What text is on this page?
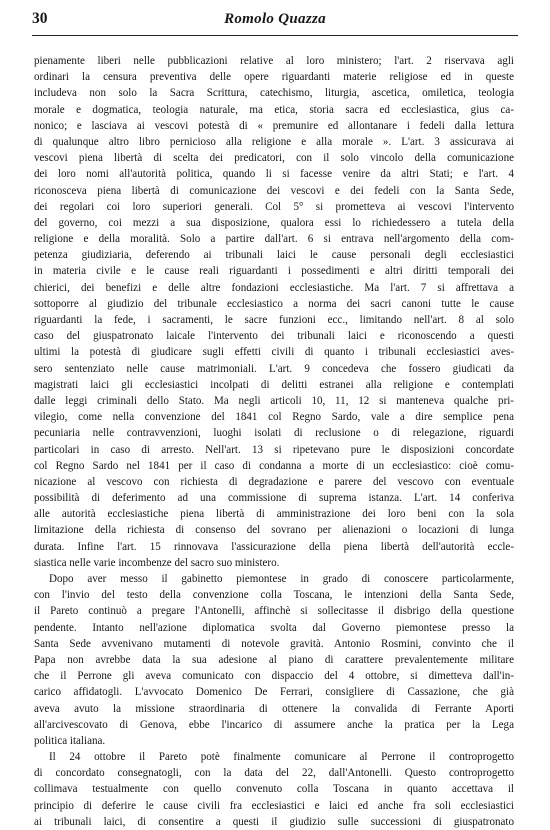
30	Romolo Quazza
pienamente liberi nelle pubblicazioni relative al loro ministero; l'art. 2 riservava agli
ordinari la censura preventiva delle opere riguardanti materie religiose ed in queste
includeva non solo la Sacra Scrittura, catechismo, liturgia, ascetica, omiletica, teologia
morale e dogmatica, teologia naturale, ma etica, storia sacra ed ecclesiastica, gius ca-
nonico; e lasciava ai vescovi potestà di « premunire ed allontanare i fedeli dalla lettura
di qualunque altro libro pernicioso alla religione e alla morale ». L'art. 3 assicurava ai
vescovi piena libertà di scelta dei predicatori, con il solo vincolo della comunicazione
dei loro nomi all'autorità politica, quando li si facesse venire da altri Stati; e l'art. 4
riconosceva piena libertà di comunicazione dei vescovi e dei fedeli con la Santa Sede,
dei regolari coi loro superiori generali. Col 5° si prometteva ai vescovi l'intervento
del governo, coi mezzi a sua disposizione, qualora essi lo richiedessero a tutela della
religione e della moralità. Solo a partire dall'art. 6 si entrava nell'argomento della com-
petenza giudiziaria, deferendo ai tribunali laici le cause personali degli ecclesiastici
in materia civile e le cause reali riguardanti i possedimenti e altri diritti temporali dei
chierici, dei benefizi e delle altre fondazioni ecclesiastiche. Ma l'art. 7 si affrettava a
sottoporre al giudizio del tribunale ecclesiastico a norma dei sacri canoni tutte le cause
riguardanti la fede, i sacramenti, le sacre funzioni ecc., limitando nell'art. 8 al solo
caso del giuspatronato laicale l'intervento dei tribunali laici e riconoscendo a questi
ultimi la potestà di giudicare sugli effetti civili di quanto i tribunali ecclesiastici aves-
sero sentenziato nelle cause matrimoniali. L'art. 9 concedeva che fossero giudicati da
magistrati laici gli ecclesiastici incolpati di delitti estranei alla religione e contemplati
dalle leggi criminali dello Stato. Ma negli articoli 10, 11, 12 si manteneva qualche pri-
vilegio, come nella convenzione del 1841 col Regno Sardo, vale a dire semplice pena
pecuniaria nelle contravvenzioni, luoghi isolati di reclusione o di relegazione, riguardi
particolari in caso di arresto. Nell'art. 13 si ripetevano pure le disposizioni concordate
col Regno Sardo nel 1841 per il caso di condanna a morte di un ecclesiastico: cioè comu-
nicazione al vescovo con richiesta di degradazione e parere del vescovo con eventuale
possibilità di deferimento ad una commissione di suprema istanza. L'art. 14 conferiva
alle autorità ecclesiastiche piena libertà di amministrazione dei loro beni con la sola
limitazione della richiesta di consenso del sovrano per alienazioni o locazioni di lunga
durata. Infine l'art. 15 rinnovava l'assicurazione della piena libertà dell'autorità eccle-
siastica nelle varie incombenze del sacro suo ministero.
Dopo aver messo il gabinetto piemontese in grado di conoscere particolarmente,
con l'invio del testo della convenzione colla Toscana, le intenzioni della Santa Sede,
il Pareto continuò a pregare l'Antonelli, affinchè si sollecitasse il disbrigo della questione
pendente. Intanto nell'azione diplomatica svolta dal Governo piemontese presso la
Santa Sede avvenivano mutamenti di notevole gravità. Antonio Rosmini, convinto che il
Papa non avrebbe data la sua adesione al piano di carattere prevalentemente militare
che il Perrone gli aveva comunicato con dispaccio del 4 ottobre, si dimetteva dall'in-
carico affidatogli. L'avvocato Domenico De Ferrari, consigliere di Cassazione, che già
aveva avuto la missione straordinaria di ottenere la convalida di Ferrante Aporti
all'arcivescovato di Genova, ebbe l'incarico di assumere anche la pratica per la Lega
politica italiana.
Il 24 ottobre il Pareto potè finalmente comunicare al Perrone il controprogetto
di concordato consegnatogli, con la data del 22, dall'Antonelli. Questo controprogetto
collimava testualmente con quello convenuto colla Toscana in quanto accettava il
principio di deferire le cause civili fra ecclesiastici e laici ed anche fra soli ecclesiastici
ai tribunali laici, di consentire a questi il giudizio sulle successioni di giuspatronato
